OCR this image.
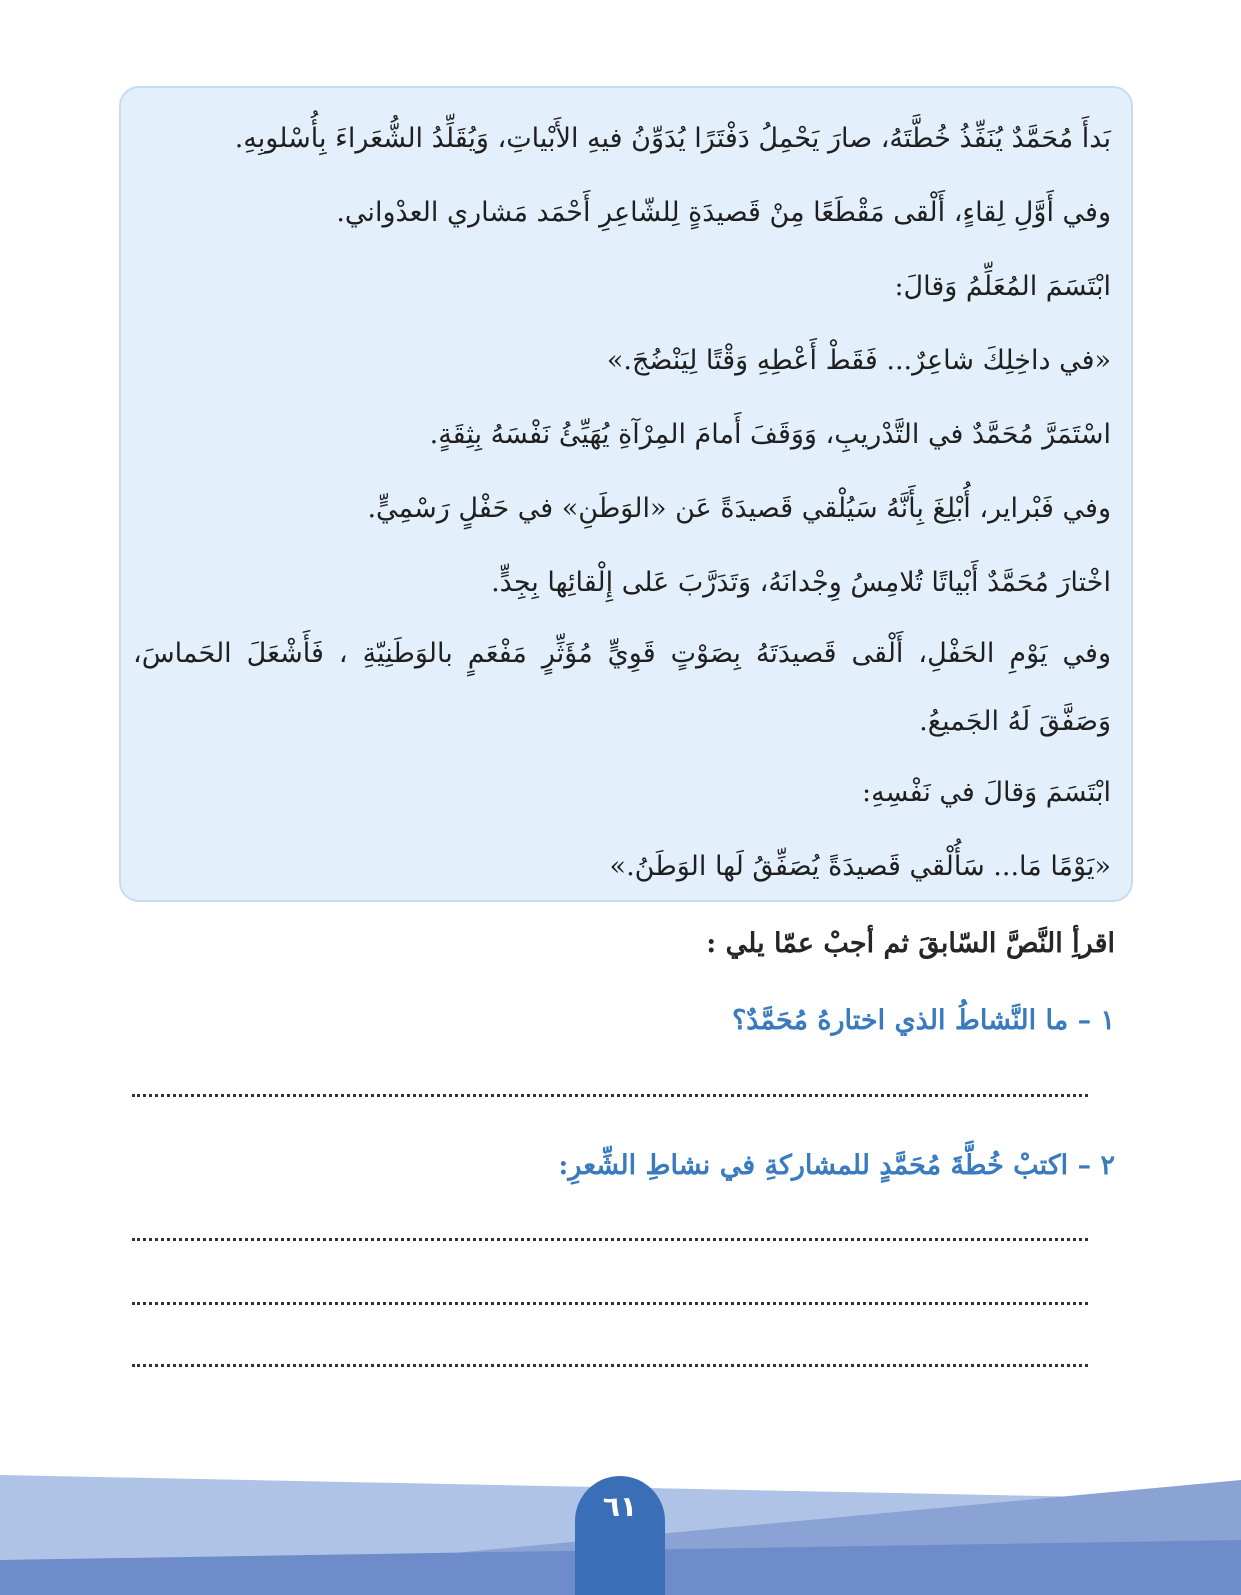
بَدأَ مُحَمَّدٌ يُنَفِّذُ خُطَّتَهُ، صارَ يَحْمِلُ دَفْتَرًا يُدَوِّنُ فيهِ الأَبْياتِ، وَيُقَلِّدُ الشُّعَراءَ بِأُسْلوبِهِ.

وفي أَوَّلِ لِقاءٍ، أَلْقى مَقْطَعًا مِنْ قَصيدَةٍ لِلشّاعِرِ أَحْمَد مَشاري العدْواني.

ابْتَسَمَ المُعَلِّمُ وَقالَ:

«في داخِلِكَ شاعِرٌ... فَقَطْ أَعْطِهِ وَقْتًا لِيَنْضُجَ.»

اسْتَمَرَّ مُحَمَّدٌ في التَّدْريبِ، وَوَقَفَ أَمامَ المِرْآةِ يُهَيِّئُ نَفْسَهُ بِثِقَةٍ.

وفي فَبْراير، أُبْلِغَ بِأَنَّهُ سَيُلْقي قَصيدَةً عَن «الوَطَنِ» في حَفْلٍ رَسْمِيٍّ.

اخْتارَ مُحَمَّدٌ أَبْياتًا تُلامِسُ وِجْدانَهُ، وَتَدَرَّبَ عَلى إِلْقائِها بِجِدٍّ.

وفي يَوْمِ الحَفْلِ، أَلْقى قَصيدَتَهُ بِصَوْتٍ قَوِيٍّ مُؤَثِّرٍ مَفْعَمٍ بالوَطَنِيّةِ ، فَأَشْعَلَ الحَماسَ، وَصَفَّقَ لَهُ الجَميعُ.

ابْتَسَمَ وَقالَ في نَفْسِهِ:

«يَوْمًا مَا... سَأُلْقي قَصيدَةً يُصَفِّقُ لَها الوَطَنُ.»

اقرأِ النَّصَّ السّابقَ ثم أجبْ عمّا يلي :

١ – ما النَّشاطُ الذي اختارهُ مُحَمَّدٌ؟

٢ – اكتبْ خُطَّةَ مُحَمَّدٍ للمشاركةِ في نشاطِ الشِّعرِ:

٦١
